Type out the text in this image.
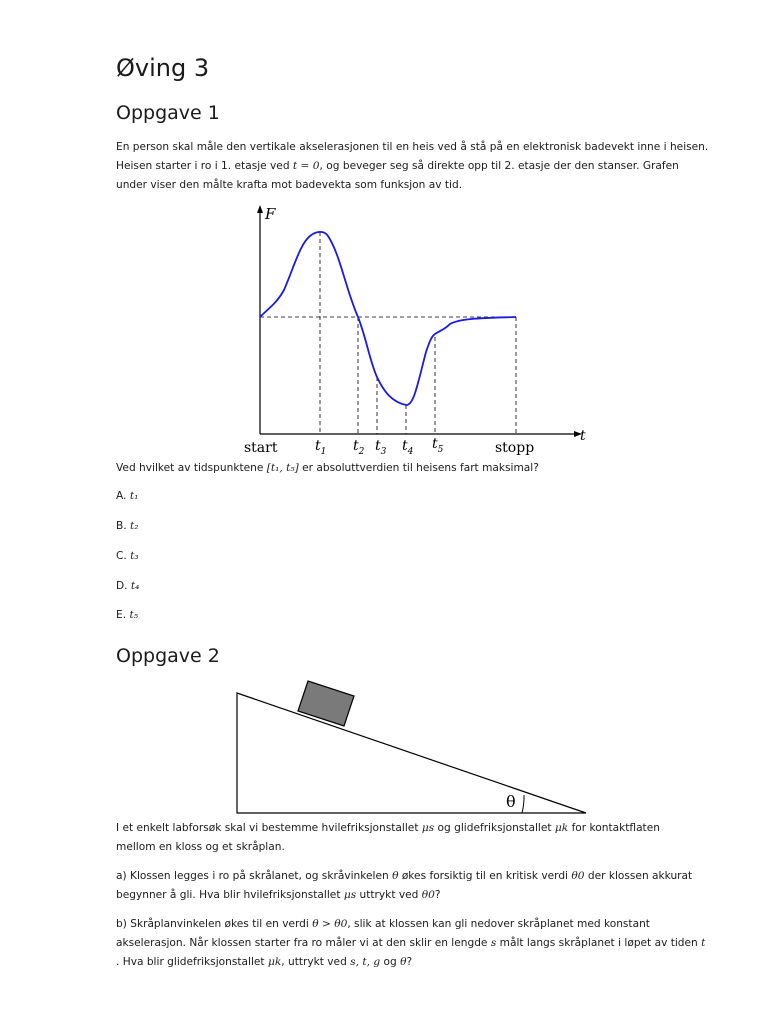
Øving 3
Oppgave 1

En person skal måle den vertikale akselerasjonen til en heis ved å stå på en elektronisk badevekt inne i heisen.
Heisen starter i ro i 1. etasje ved t = 0, og beveger seg så direkte opp til 2. etasje der den stanser. Grafen
under viser den målte krafta mot badevekta som funksjon av tid.

F
t
start	$t_1$ $t_2$ $t_3$ $t_4$ $t_5$	stopp

Ved hvilket av tidspunktene [t₁, t₅] er absoluttverdien til heisens fart maksimal?

A. t₁
B. t₂
C. t₃
D. t₄
E. t₅
Oppgave 2
θ

I et enkelt labforsøk skal vi bestemme hvilefriksjonstallet μs og glidefriksjonstallet μk for kontaktflaten
mellom en kloss og et skråplan.

a) Klossen legges i ro på skrålanet, og skråvinkelen θ økes forsiktig til en kritisk verdi θ0 der klossen akkurat
begynner å gli. Hva blir hvilefriksjonstallet μs uttrykt ved θ0?

b) Skråplanvinkelen økes til en verdi θ > θ0, slik at klossen kan gli nedover skråplanet med konstant
akselerasjon. Når klossen starter fra ro måler vi at den sklir en lengde s målt langs skråplanet i løpet av tiden t
. Hva blir glidefriksjonstallet μk, uttrykt ved s, t, g og θ?
